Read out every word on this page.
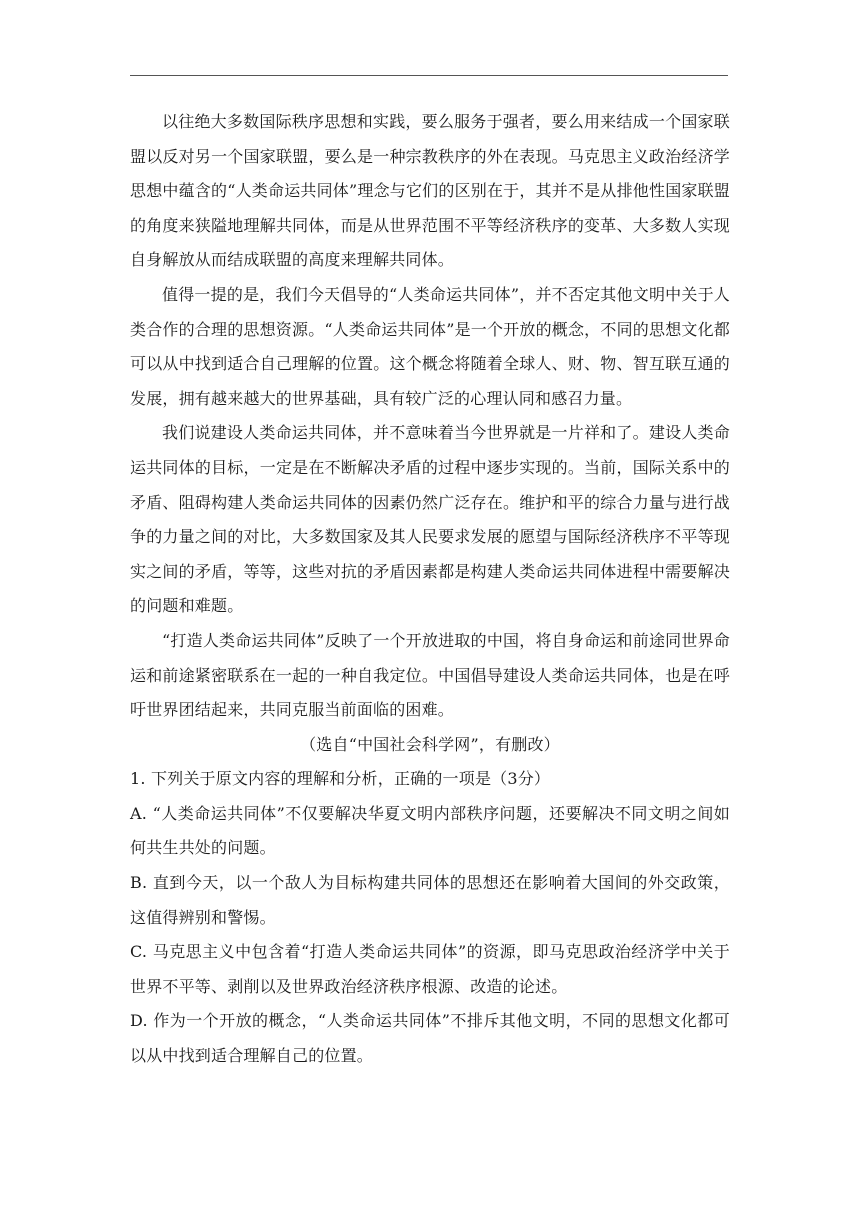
以往绝大多数国际秩序思想和实践，要么服务于强者，要么用来结成一个国家联盟以反对另一个国家联盟，要么是一种宗教秩序的外在表现。马克思主义政治经济学思想中蕴含的“人类命运共同体”理念与它们的区别在于，其并不是从排他性国家联盟的角度来狭隘地理解共同体，而是从世界范围不平等经济秩序的变革、大多数人实现自身解放从而结成联盟的高度来理解共同体。

值得一提的是，我们今天倡导的“人类命运共同体”，并不否定其他文明中关于人类合作的合理的思想资源。“人类命运共同体”是一个开放的概念，不同的思想文化都可以从中找到适合自己理解的位置。这个概念将随着全球人、财、物、智互联互通的发展，拥有越来越大的世界基础，具有较广泛的心理认同和感召力量。

我们说建设人类命运共同体，并不意味着当今世界就是一片祥和了。建设人类命运共同体的目标，一定是在不断解决矛盾的过程中逐步实现的。当前，国际关系中的矛盾、阻碍构建人类命运共同体的因素仍然广泛存在。维护和平的综合力量与进行战争的力量之间的对比，大多数国家及其人民要求发展的愿望与国际经济秩序不平等现实之间的矛盾，等等，这些对抗的矛盾因素都是构建人类命运共同体进程中需要解决的问题和难题。

“打造人类命运共同体”反映了一个开放进取的中国，将自身命运和前途同世界命运和前途紧密联系在一起的一种自我定位。中国倡导建设人类命运共同体，也是在呼吁世界团结起来，共同克服当前面临的困难。

（选自“中国社会科学网”，有删改）

1. 下列关于原文内容的理解和分析，正确的一项是（3分）

A. “人类命运共同体”不仅要解决华夏文明内部秩序问题，还要解决不同文明之间如何共生共处的问题。

B. 直到今天，以一个敌人为目标构建共同体的思想还在影响着大国间的外交政策，这值得辨别和警惕。

C. 马克思主义中包含着“打造人类命运共同体”的资源，即马克思政治经济学中关于世界不平等、剥削以及世界政治经济秩序根源、改造的论述。

D. 作为一个开放的概念，“人类命运共同体”不排斥其他文明，不同的思想文化都可以从中找到适合理解自己的位置。
